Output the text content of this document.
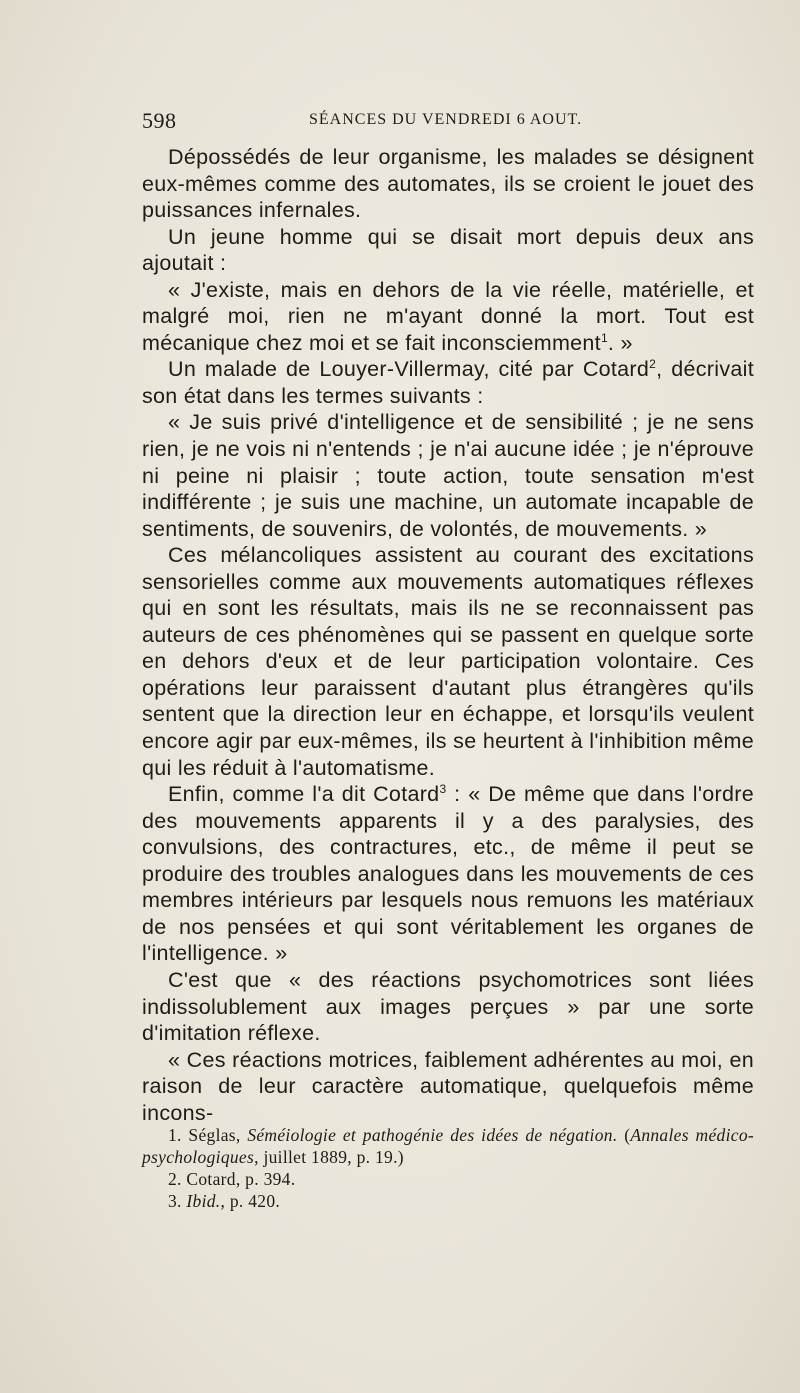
598	SÉANCES DU VENDREDI 6 AOUT.

Dépossédés de leur organisme, les malades se désignent eux-mêmes comme des automates, ils se croient le jouet des puissances infernales.

Un jeune homme qui se disait mort depuis deux ans ajoutait :

« J'existe, mais en dehors de la vie réelle, matérielle, et malgré moi, rien ne m'ayant donné la mort. Tout est mécanique chez moi et se fait inconsciemment$^1$. »

Un malade de Louyer-Villermay, cité par Cotard$^2$, décrivait son état dans les termes suivants :

« Je suis privé d'intelligence et de sensibilité ; je ne sens rien, je ne vois ni n'entends ; je n'ai aucune idée ; je n'éprouve ni peine ni plaisir ; toute action, toute sensation m'est indifférente ; je suis une machine, un automate incapable de sentiments, de souvenirs, de volontés, de mouvements. »

Ces mélancoliques assistent au courant des excitations sensorielles comme aux mouvements automatiques réflexes qui en sont les résultats, mais ils ne se reconnaissent pas auteurs de ces phénomènes qui se passent en quelque sorte en dehors d'eux et de leur participation volontaire. Ces opérations leur paraissent d'autant plus étrangères qu'ils sentent que la direction leur en échappe, et lorsqu'ils veulent encore agir par eux-mêmes, ils se heurtent à l'inhibition même qui les réduit à l'automatisme.

Enfin, comme l'a dit Cotard$^3$ : « De même que dans l'ordre des mouvements apparents il y a des paralysies, des convulsions, des contractures, etc., de même il peut se produire des troubles analogues dans les mouvements de ces membres intérieurs par lesquels nous remuons les matériaux de nos pensées et qui sont véritablement les organes de l'intelligence. »

C'est que « des réactions psychomotrices sont liées indissolublement aux images perçues » par une sorte d'imitation réflexe.

« Ces réactions motrices, faiblement adhérentes au moi, en raison de leur caractère automatique, quelquefois même incons-

1. Séglas, Séméiologie et pathogénie des idées de négation. (Annales médico-psychologiques, juillet 1889, p. 19.)

2. Cotard, p. 394.

3. Ibid., p. 420.
